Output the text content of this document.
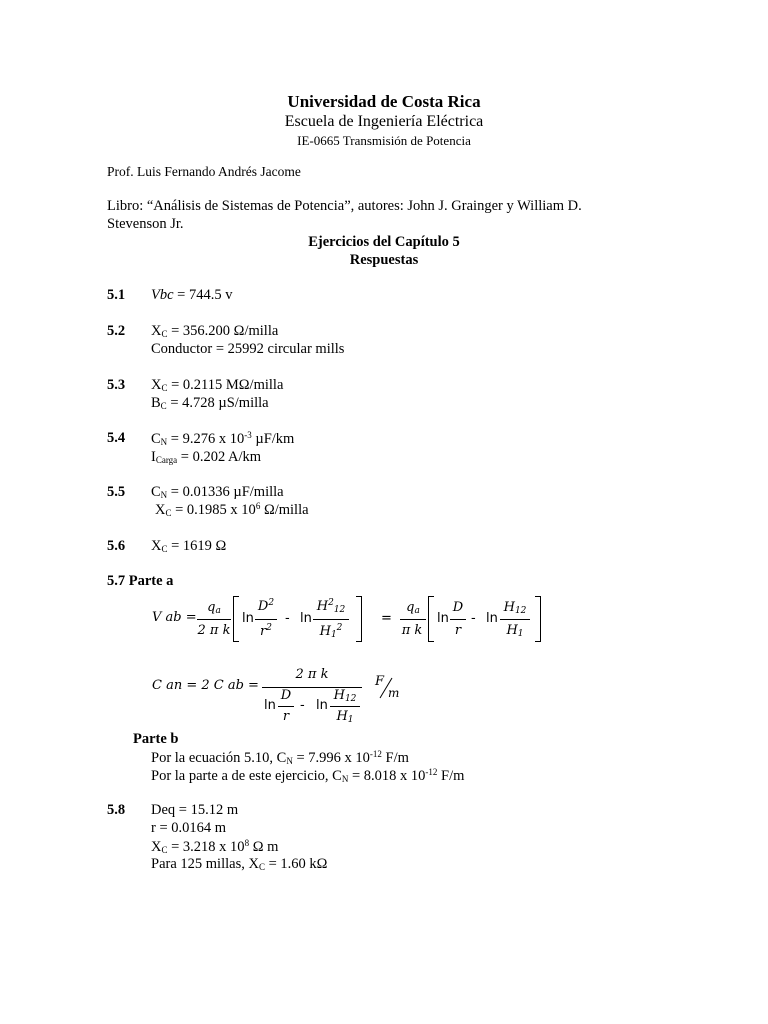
Universidad de Costa Rica
Escuela de Ingeniería Eléctrica
IE-0665 Transmisión de Potencia
Prof. Luis Fernando Andrés Jacome
Libro: “Análisis de Sistemas de Potencia”, autores: John J. Grainger y William D.
Stevenson Jr.
Ejercicios del Capítulo 5
Respuestas
5.1 Vbc = 744.5 v
5.2 $X_C = 356.200$ Ω/milla
Conductor = 25992 circular mills
5.3 $X_C = 0.2115$ MΩ/milla
$B_C = 4.728$ µS/milla
5.4 $C_N = 9.276$ x $10^{-3}$ µF/km
$I_{Carga} = 0.202$ A/km
5.5 $C_N = 0.01336$ µF/milla
$X_C = 0.1985$ x $10^6$ Ω/milla
5.6 $X_C = 1619$ Ω
5.7 Parte a
V ab =
$q_a$
2 π k
ln
$D^2$
$r^2$
- ln
$H^2_{12}$
$H_1^2$
=
$q_a$
π k
ln
D
r
- ln
$H_{12}$
$H_1$
C an = 2 C ab =
2 π k
ln
D
r
- ln
$H_{12}$
$H_1$
F
m
Parte b
Por la ecuación 5.10, $C_N = 7.996$ x $10^{-12}$ F/m
Por la parte a de este ejercicio, $C_N = 8.018$ x $10^{-12}$ F/m
5.8 Deq = 15.12 m
r = 0.0164 m
$X_C = 3.218$ x $10^8$ Ω m
Para 125 millas, $X_C = 1.60$ kΩ
